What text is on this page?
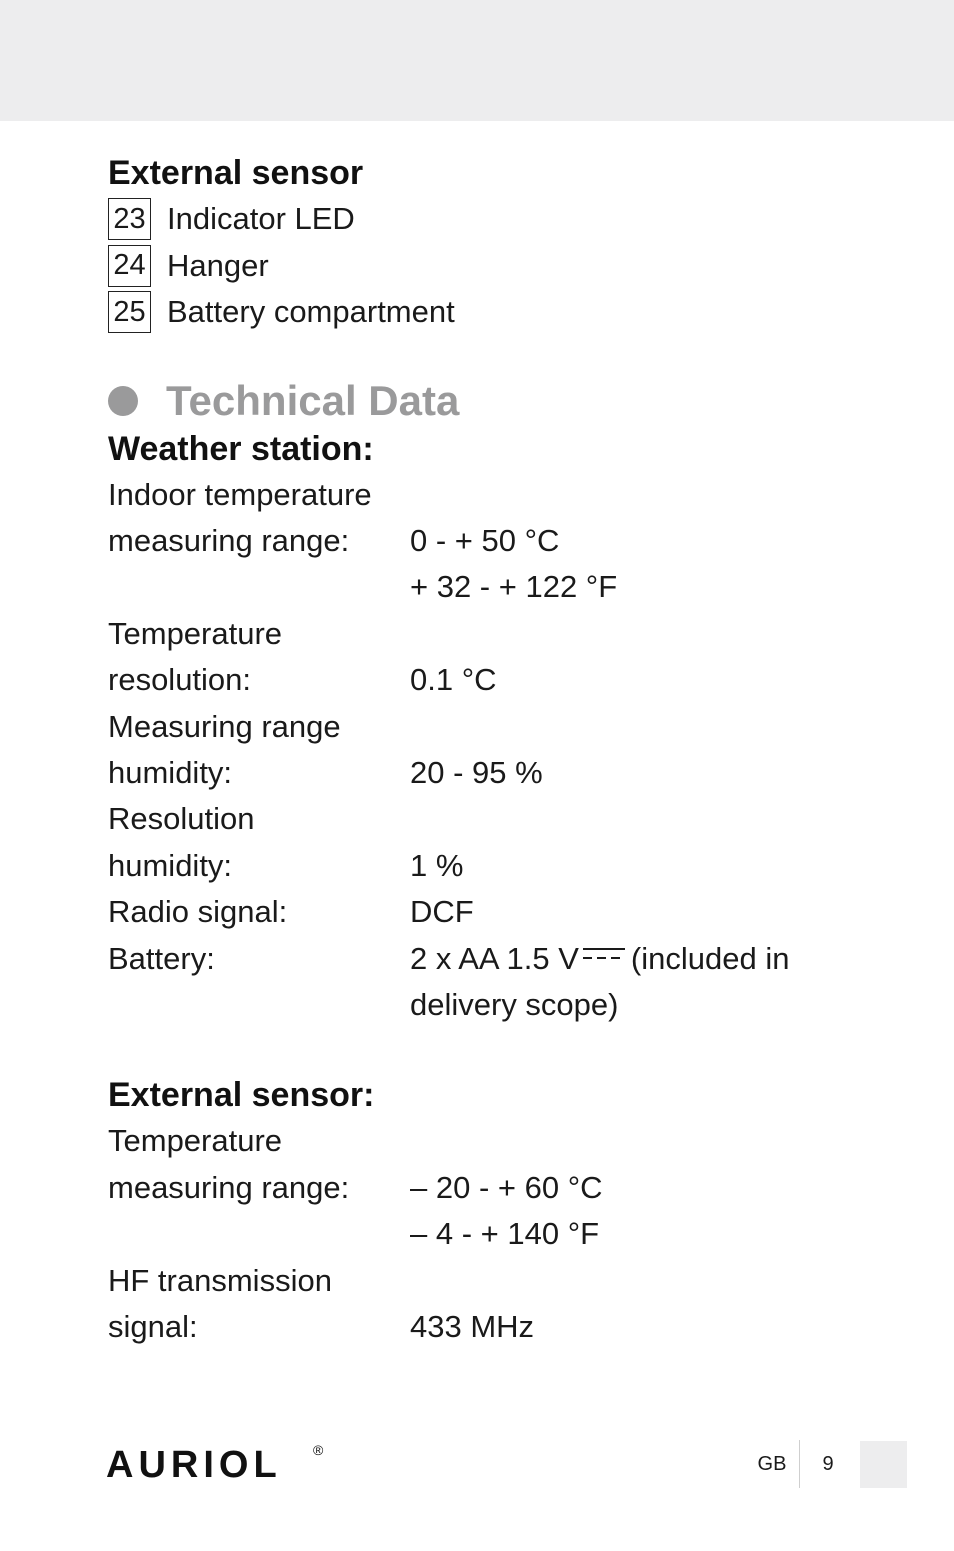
External sensor
23 Indicator LED
24 Hanger
25 Battery compartment
Technical Data
Weather station:
Indoor temperature
measuring range:	0 - + 50 °C
+ 32 - + 122 °F
Temperature
resolution:	0.1 °C
Measuring range
humidity:	20 - 95 %
Resolution
humidity:	1 %
Radio signal:	DCF
Battery:	2 x AA 1.5 V (included in
delivery scope)
External sensor:
Temperature
measuring range:	– 20 - + 60 °C
– 4 - + 140 °F
HF transmission
signal:	433 MHz
AURIOL ®
GB	9
